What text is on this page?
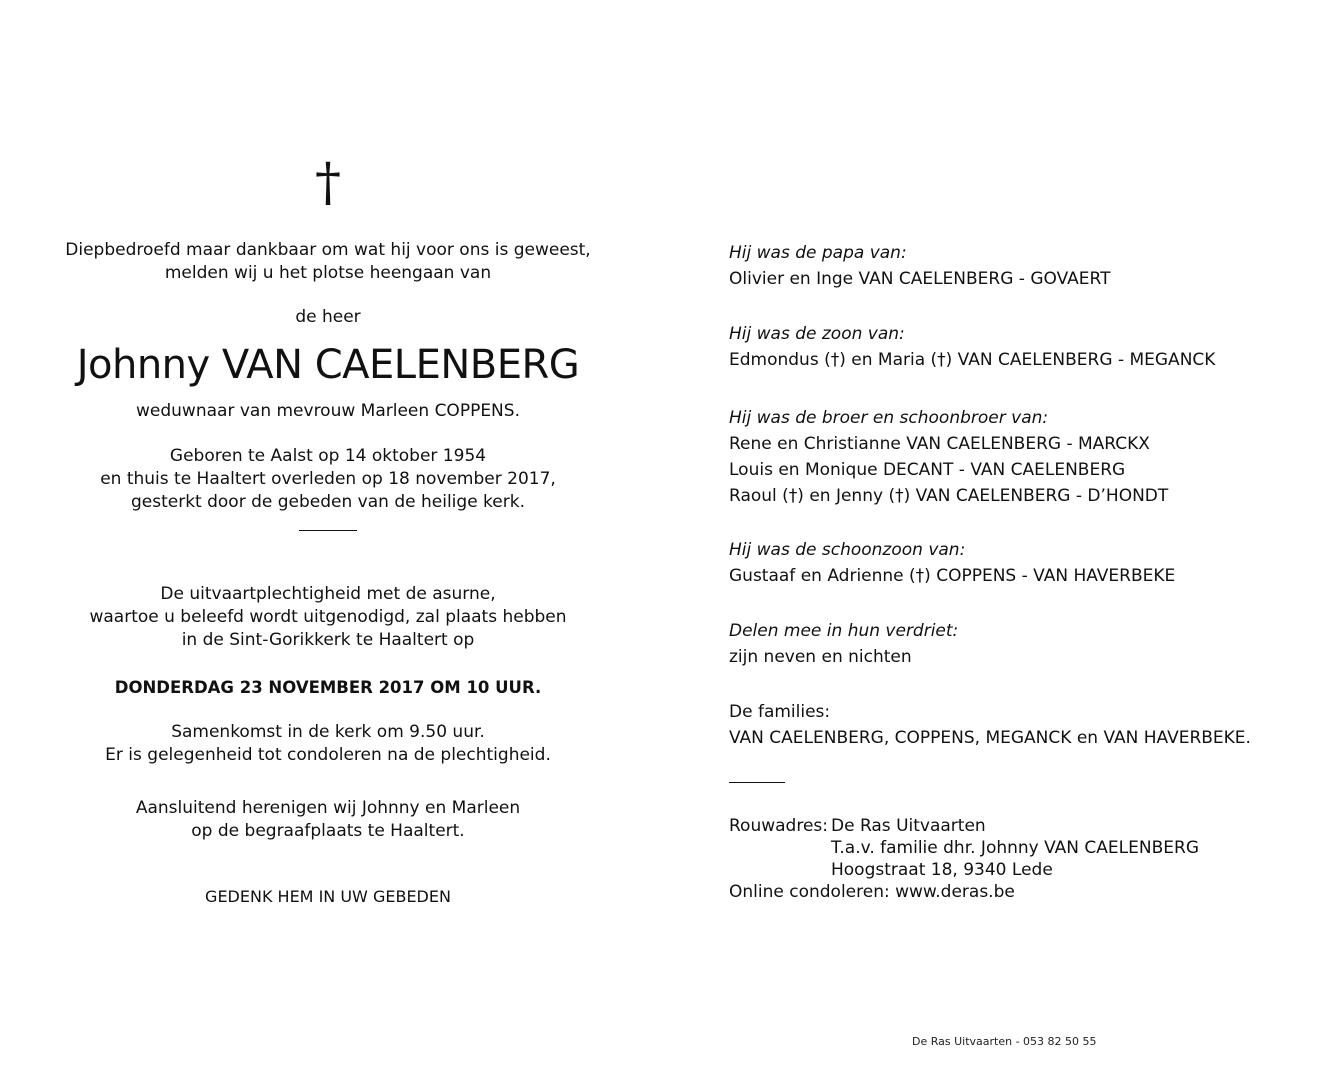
†
Diepbedroefd maar dankbaar om wat hij voor ons is geweest,
melden wij u het plotse heengaan van
de heer
Johnny VAN CAELENBERG
weduwnaar van mevrouw Marleen COPPENS.
Geboren te Aalst op 14 oktober 1954
en thuis te Haaltert overleden op 18 november 2017,
gesterkt door de gebeden van de heilige kerk.
De uitvaartplechtigheid met de asurne,
waartoe u beleefd wordt uitgenodigd, zal plaats hebben
in de Sint-Gorikkerk te Haaltert op
DONDERDAG 23 NOVEMBER 2017 OM 10 UUR.
Samenkomst in de kerk om 9.50 uur.
Er is gelegenheid tot condoleren na de plechtigheid.
Aansluitend herenigen wij Johnny en Marleen
op de begraafplaats te Haaltert.
GEDENK HEM IN UW GEBEDEN
Hij was de papa van:
Olivier en Inge VAN CAELENBERG - GOVAERT
Hij was de zoon van:
Edmondus (†) en Maria (†) VAN CAELENBERG - MEGANCK
Hij was de broer en schoonbroer van:
Rene en Christianne VAN CAELENBERG - MARCKX
Louis en Monique DECANT - VAN CAELENBERG
Raoul (†) en Jenny (†) VAN CAELENBERG - D’HONDT
Hij was de schoonzoon van:
Gustaaf en Adrienne (†) COPPENS - VAN HAVERBEKE
Delen mee in hun verdriet:
zijn neven en nichten
De families:
VAN CAELENBERG, COPPENS, MEGANCK en VAN HAVERBEKE.
Rouwadres: De Ras Uitvaarten
T.a.v. familie dhr. Johnny VAN CAELENBERG
Hoogstraat 18, 9340 Lede
Online condoleren: www.deras.be
De Ras Uitvaarten - 053 82 50 55
